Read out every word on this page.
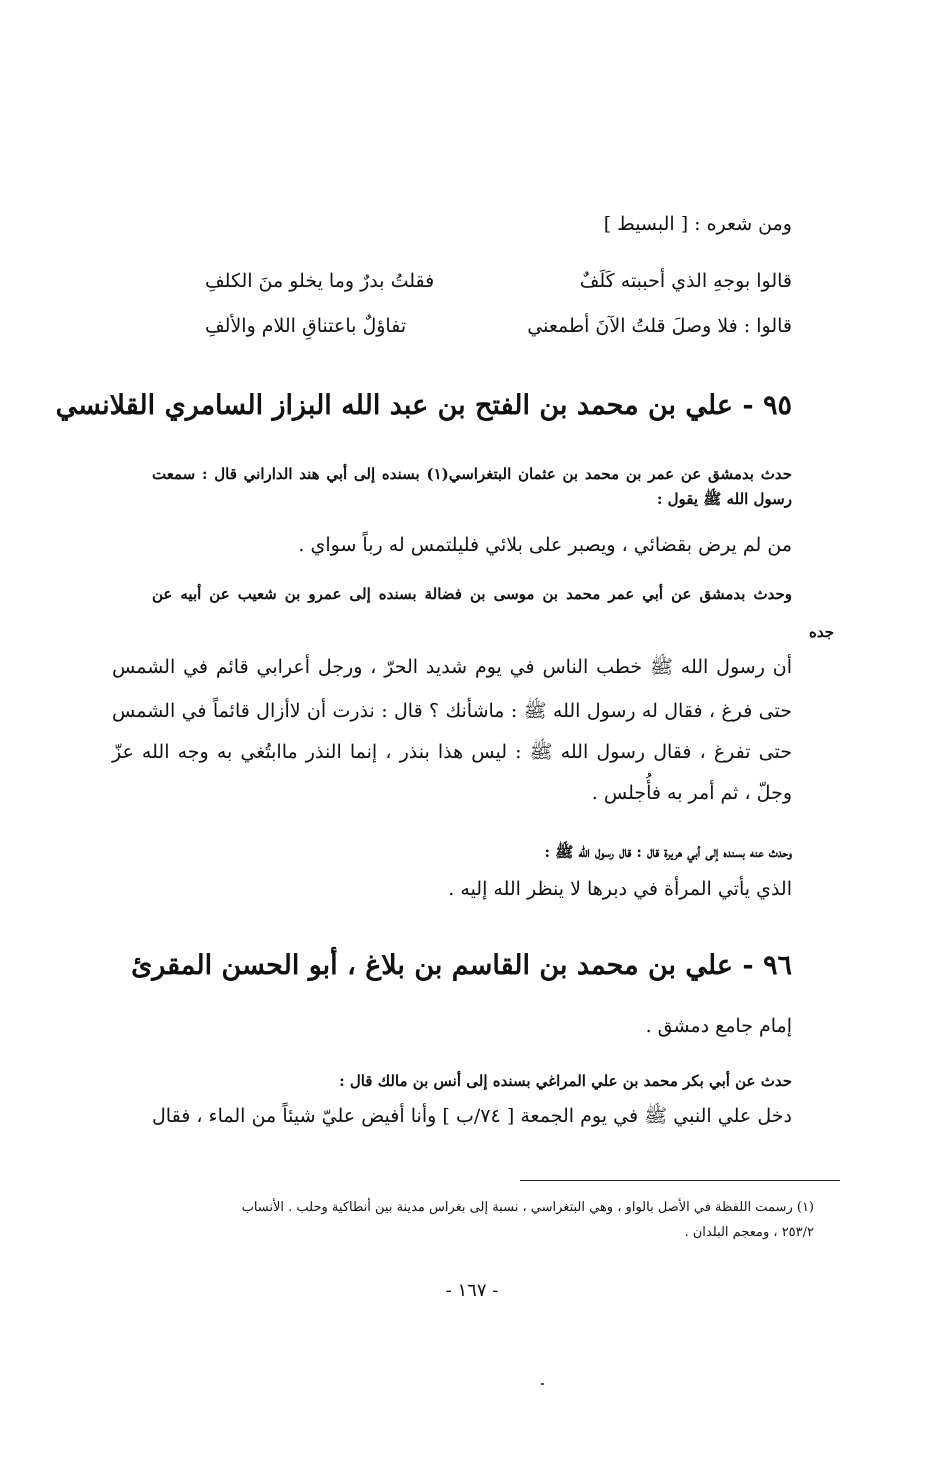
ومن شعره : [ البسيط ]
قالوا بوجهِ الذي أحببته كَلَفٌ
فقلتُ بدرٌ وما يخلو منَ الكلفِ
قالوا : فلا وصلَ قلتُ الآنَ أطمعني
تفاؤلٌ باعتناقِ اللام والألفِ
٩٥ - علي بن محمد بن الفتح بن عبد الله البزاز السامري القلانسي
حدث بدمشق عن عمر بن محمد بن عثمان البتغراسي(١) بسنده إلى أبي هند الداراني قال : سمعت
رسول الله ﷺ يقول :
من لم يرض بقضائي ، ويصبر على بلائي فليلتمس له رباً سواي .
وحدث بدمشق عن أبي عمر محمد بن موسى بن فضالة بسنده إلى عمرو بن شعيب عن أبيه عن
جده
أن رسول الله ﷺ خطب الناس في يوم شديد الحرّ ، ورجل أعرابي قائم في الشمس
حتى فرغ ، فقال له رسول الله ﷺ : ماشأنك ؟ قال : نذرت أن لاأزال قائماً في الشمس
حتى تفرغ ، فقال رسول الله ﷺ : ليس هذا بنذر ، إنما النذر ماابتُغي به وجه الله عزّ
وجلّ ، ثم أمر به فأُجلس .
وحدث عنه بسنده إلى أبي هريرة قال : قال رسول الله ﷺ :
الذي يأتي المرأة في دبرها لا ينظر الله إليه .
٩٦ - علي بن محمد بن القاسم بن بلاغ ، أبو الحسن المقرئ
إمام جامع دمشق .
حدث عن أبي بكر محمد بن علي المراغي بسنده إلى أنس بن مالك قال :
دخل علي النبي ﷺ في يوم الجمعة [ ٧٤/ب ] وأنا أفيض عليّ شيئاً من الماء ، فقال
(١) رسمت اللفظة في الأصل بالواو ، وهي البتغراسي ، نسبة إلى بغراس مدينة بين أنطاكية وحلب . الأنساب
٢٥٣/٢ ، ومعجم البلدان .
- ١٦٧ -
